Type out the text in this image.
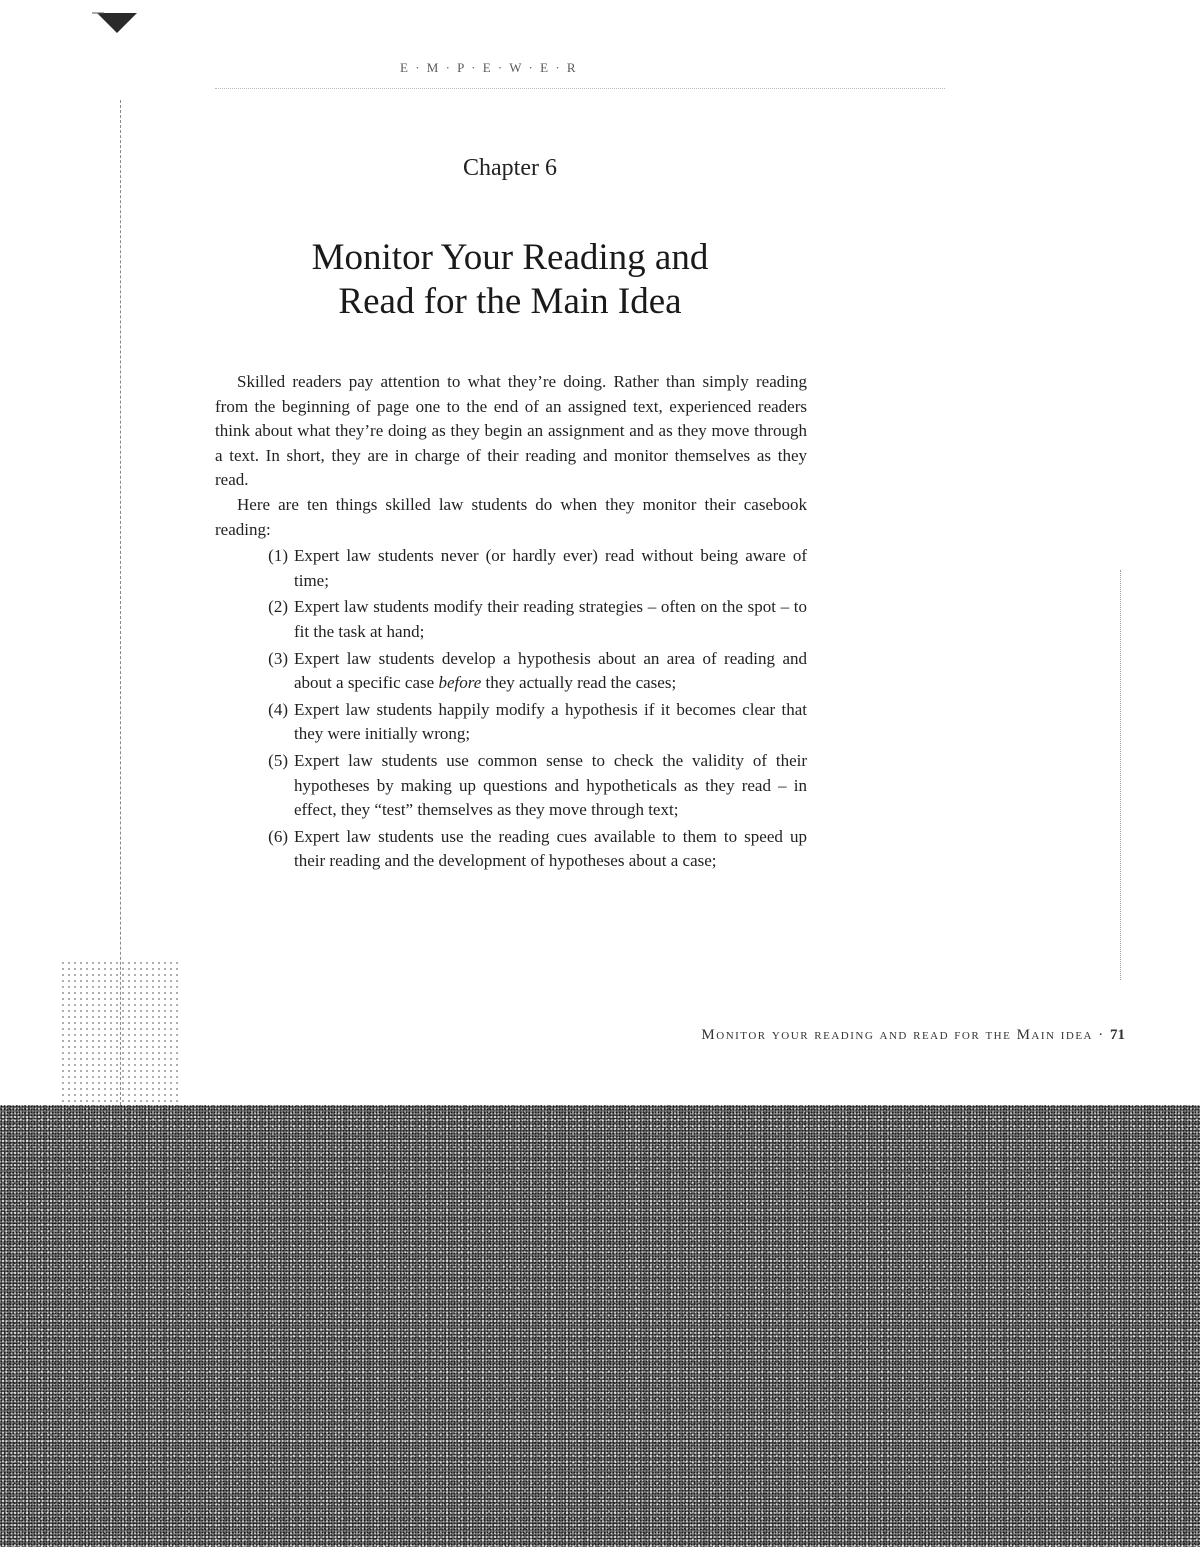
E · M · P · E · W · E · R
Chapter 6
Monitor Your Reading and
Read for the Main Idea

Skilled readers pay attention to what they’re doing. Rather than simply reading from the beginning of page one to the end of an assigned text, experienced readers think about what they’re doing as they begin an assignment and as they move through a text. In short, they are in charge of their reading and monitor themselves as they read.

Here are ten things skilled law students do when they monitor their casebook reading:

(1) Expert law students never (or hardly ever) read without being aware of time;
(2) Expert law students modify their reading strategies – often on the spot – to fit the task at hand;
(3) Expert law students develop a hypothesis about an area of reading and about a specific case before they actually read the cases;
(4) Expert law students happily modify a hypothesis if it becomes clear that they were initially wrong;
(5) Expert law students use common sense to check the validity of their hypotheses by making up questions and hypotheticals as they read – in effect, they “test” themselves as they move through text;
(6) Expert law students use the reading cues available to them to speed up their reading and the development of hypotheses about a case;
Monitor your reading and read for the Main idea · 71
